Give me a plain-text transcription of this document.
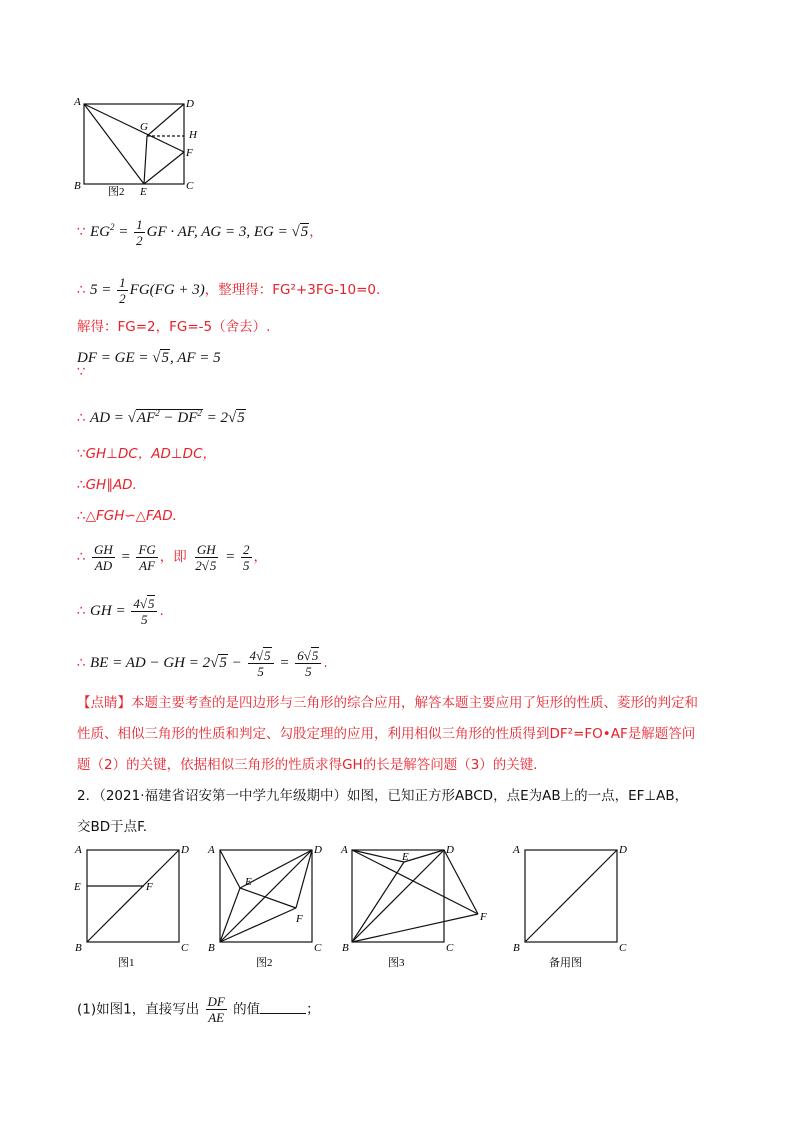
A	D
G
H
F
B	E	C
图2
∵ $EG^2 = \frac{1}{2}$ GF · AF, AG = 3, EG = √5，
∴ $5 = \frac{1}{2} FG(FG + 3)$，整理得：FG²+3FG-10=0.
解得：FG=2，FG=-5（舍去）.
DF = GE = √5, AF = 5
∵
∴ AD = $√AF^2 - DF^2 = 2√5$
∵GH⊥DC，AD⊥DC，
∴GH∥AD.
∴△FGH∽△FAD.
∴ $\frac{GH}{AD} = \frac{FG}{AF}$ ，即 $\frac{GH}{2√5} = \frac{2}{5}$ ，
∴ GH = $\frac{4√5}{5}$ .
∴ BE = AD − GH = $2√5 - \frac{4√5}{5} = \frac{6√5}{5}$ .
【点睛】本题主要考查的是四边形与三角形的综合应用，解答本题主要应用了矩形的性质、菱形的判定和
性质、相似三角形的性质和判定、勾股定理的应用，利用相似三角形的性质得到DF²=FO•AF是解题答问
题（2）的关键，依据相似三角形的性质求得GH的长是解答问题（3）的关键.
2．（2021·福建省诏安第一中学九年级期中）如图，已知正方形ABCD，点E为AB上的一点，EF⊥AB，
交BD于点F.
A	D
E	F
B	C
图1
A	D
E
F
B	C
图2
A	D
E
F
B	C
图3
A	D
B	C
备用图
(1)如图1，直接写出 $\frac{DF}{AE}$ 的值	；
